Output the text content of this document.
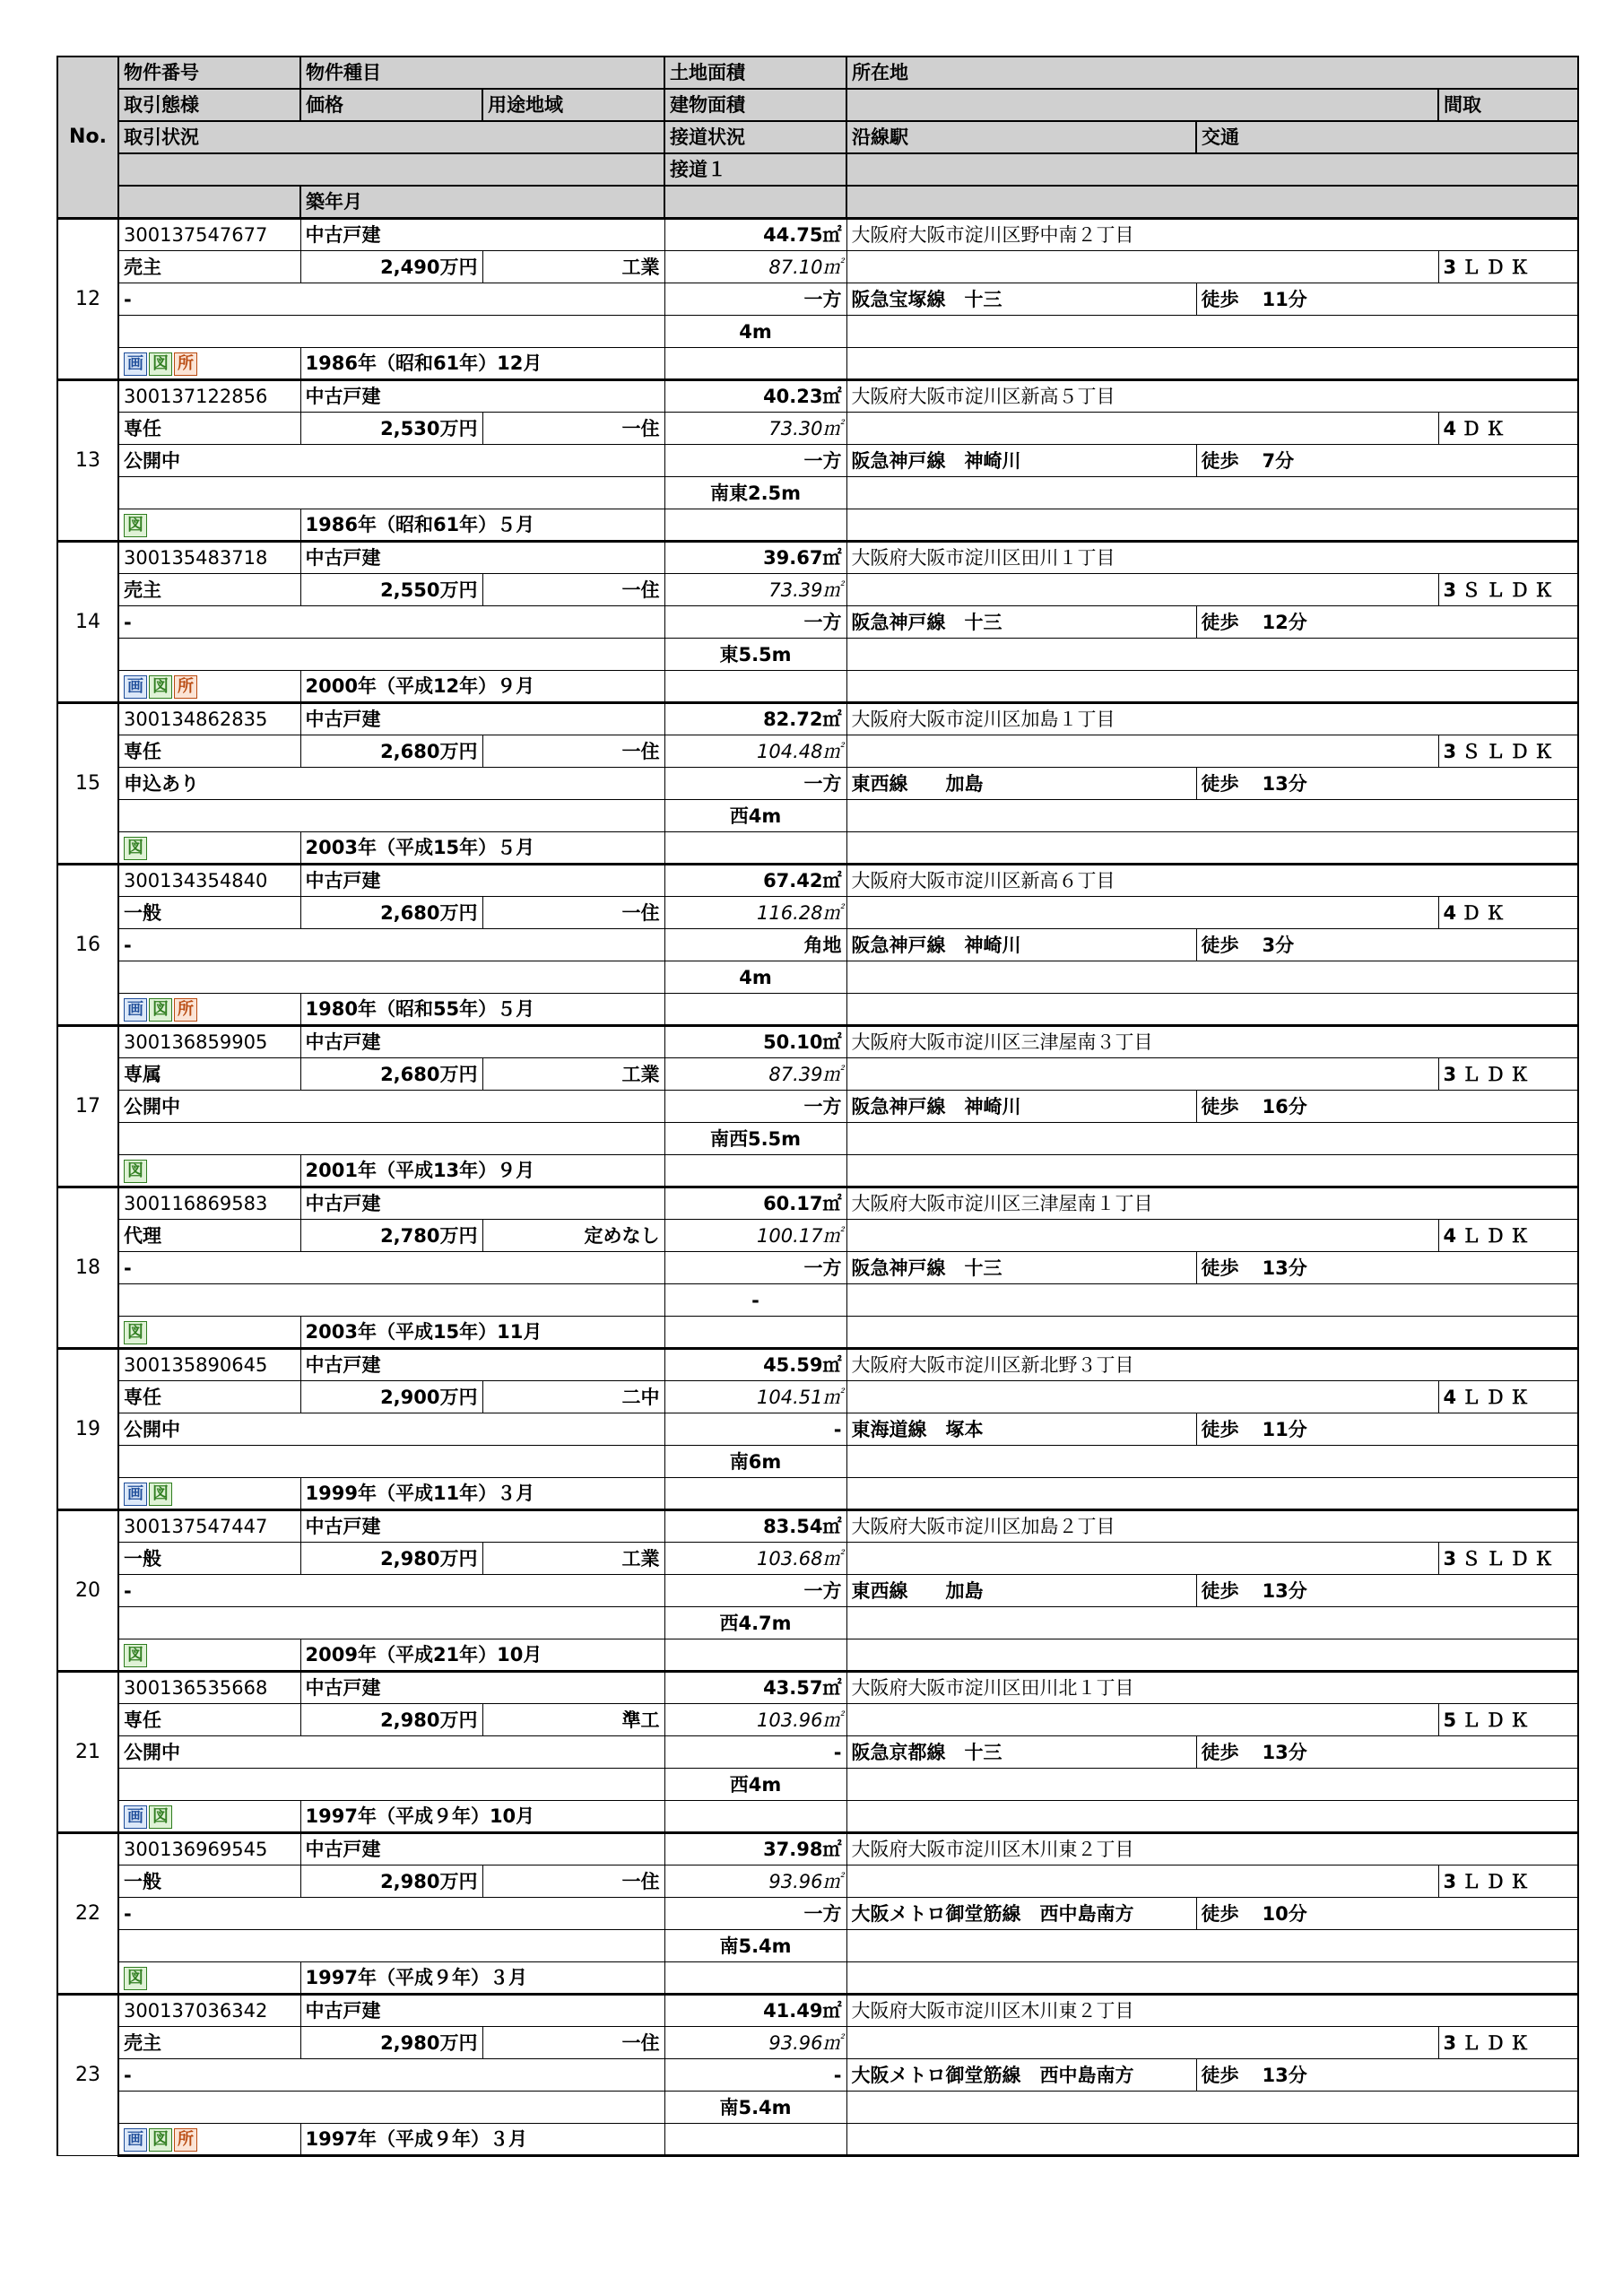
No.	物件番号	物件種目		土地面積	所在地		
	取引態様	価格	用途地域	建物面積			間取
	取引状況			接道状況	沿線駅	交通	
				接道１			
		築年月					
12	300137547677	中古戸建		44.75㎡	大阪府大阪市淀川区野中南２丁目		
	売主	2,490万円	工業	87.10㎡			3ＬＤＫ
	-			一方	阪急宝塚線　十三	徒歩 11分	
				4m			
	画 図 所	1986年（昭和61年）12月					
13	300137122856	中古戸建		40.23㎡	大阪府大阪市淀川区新高５丁目		
	専任	2,530万円	一住	73.30㎡			4ＤＫ
	公開中			一方	阪急神戸線　神崎川	徒歩 7分	
				南東2.5m			
	図	1986年（昭和61年）５月					
14	300135483718	中古戸建		39.67㎡	大阪府大阪市淀川区田川１丁目		
	売主	2,550万円	一住	73.39㎡			3ＳＬＤＫ
	-			一方	阪急神戸線　十三	徒歩 12分	
				東5.5m			
	画 図 所	2000年（平成12年）９月					
15	300134862835	中古戸建		82.72㎡	大阪府大阪市淀川区加島１丁目		
	専任	2,680万円	一住	104.48㎡			3ＳＬＤＫ
	申込あり			一方	東西線　　加島	徒歩 13分	
				西4m			
	図	2003年（平成15年）５月					
16	300134354840	中古戸建		67.42㎡	大阪府大阪市淀川区新高６丁目		
	一般	2,680万円	一住	116.28㎡			4ＤＫ
	-			角地	阪急神戸線　神崎川	徒歩 3分	
				4m			
	画 図 所	1980年（昭和55年）５月					
17	300136859905	中古戸建		50.10㎡	大阪府大阪市淀川区三津屋南３丁目		
	専属	2,680万円	工業	87.39㎡			3ＬＤＫ
	公開中			一方	阪急神戸線　神崎川	徒歩 16分	
				南西5.5m			
	図	2001年（平成13年）９月					
18	300116869583	中古戸建		60.17㎡	大阪府大阪市淀川区三津屋南１丁目		
	代理	2,780万円	定めなし	100.17㎡			4ＬＤＫ
	-			一方	阪急神戸線　十三	徒歩 13分	
				-			
	図	2003年（平成15年）11月					
19	300135890645	中古戸建		45.59㎡	大阪府大阪市淀川区新北野３丁目		
	専任	2,900万円	二中	104.51㎡			4ＬＤＫ
	公開中			-	東海道線　塚本	徒歩 11分	
				南6m			
	画 図	1999年（平成11年）３月					
20	300137547447	中古戸建		83.54㎡	大阪府大阪市淀川区加島２丁目		
	一般	2,980万円	工業	103.68㎡			3ＳＬＤＫ
	-			一方	東西線　　加島	徒歩 13分	
				西4.7m			
	図	2009年（平成21年）10月					
21	300136535668	中古戸建		43.57㎡	大阪府大阪市淀川区田川北１丁目		
	専任	2,980万円	準工	103.96㎡			5ＬＤＫ
	公開中			-	阪急京都線　十三	徒歩 13分	
				西4m			
	画 図	1997年（平成９年）10月					
22	300136969545	中古戸建		37.98㎡	大阪府大阪市淀川区木川東２丁目		
	一般	2,980万円	一住	93.96㎡			3ＬＤＫ
	-			一方	大阪メトロ御堂筋線　西中島南方	徒歩 10分	
				南5.4m			
	図	1997年（平成９年）３月					
23	300137036342	中古戸建		41.49㎡	大阪府大阪市淀川区木川東２丁目		
	売主	2,980万円	一住	93.96㎡			3ＬＤＫ
	-			-	大阪メトロ御堂筋線　西中島南方	徒歩 13分	
				南5.4m			
	画 図 所	1997年（平成９年）３月					
